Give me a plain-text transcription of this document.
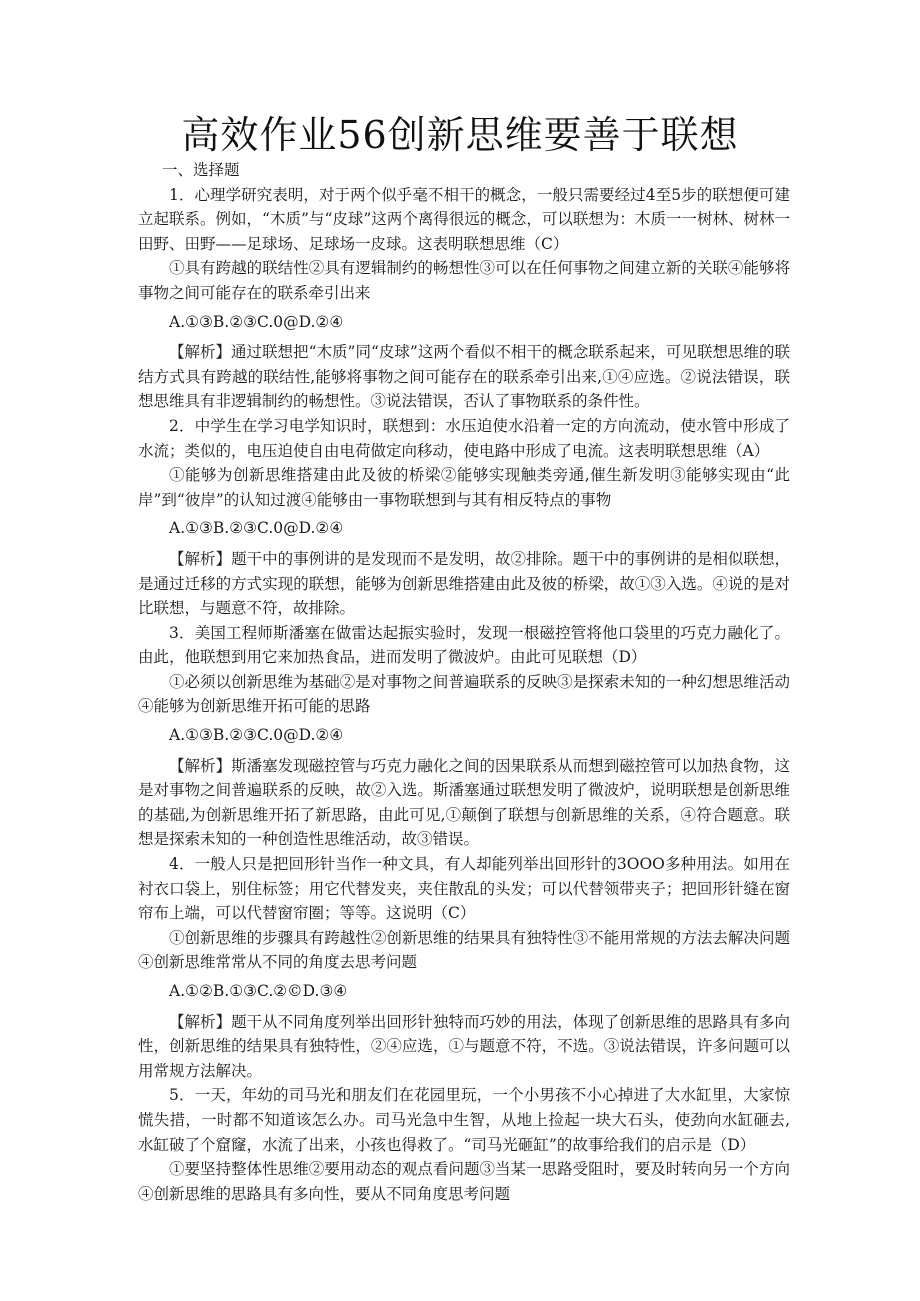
高效作业56创新思维要善于联想

一、选择题

1．心理学研究表明，对于两个似乎毫不相干的概念，一般只需要经过4至5步的联想便可建立起联系。例如，“木质”与“皮球”这两个离得很远的概念，可以联想为：木质一一树林、树林一田野、田野——足球场、足球场一皮球。这表明联想思维（C）

①具有跨越的联结性②具有逻辑制约的畅想性③可以在任何事物之间建立新的关联④能够将事物之间可能存在的联系牵引出来

A.①③B.②③C.0@D.②④

【解析】通过联想把“木质”同“皮球”这两个看似不相干的概念联系起来，可见联想思维的联结方式具有跨越的联结性,能够将事物之间可能存在的联系牵引出来,①④应选。②说法错误，联想思维具有非逻辑制约的畅想性。③说法错误，否认了事物联系的条件性。

2．中学生在学习电学知识时，联想到：水压迫使水沿着一定的方向流动，使水管中形成了水流；类似的，电压迫使自由电荷做定向移动，使电路中形成了电流。这表明联想思维（A）

①能够为创新思维搭建由此及彼的桥梁②能够实现触类旁通,催生新发明③能够实现由“此岸”到“彼岸”的认知过渡④能够由一事物联想到与其有相反特点的事物

A.①③B.②③C.0@D.②④

【解析】题干中的事例讲的是发现而不是发明，故②排除。题干中的事例讲的是相似联想，是通过迁移的方式实现的联想，能够为创新思维搭建由此及彼的桥梁，故①③入选。④说的是对比联想，与题意不符，故排除。

3．美国工程师斯潘塞在做雷达起振实验时，发现一根磁控管将他口袋里的巧克力融化了。由此，他联想到用它来加热食品，进而发明了微波炉。由此可见联想（D）

①必须以创新思维为基础②是对事物之间普遍联系的反映③是探索未知的一种幻想思维活动④能够为创新思维开拓可能的思路

A.①③B.②③C.0@D.②④

【解析】斯潘塞发现磁控管与巧克力融化之间的因果联系从而想到磁控管可以加热食物，这是对事物之间普遍联系的反映，故②入选。斯潘塞通过联想发明了微波炉，说明联想是创新思维的基础,为创新思维开拓了新思路，由此可见,①颠倒了联想与创新思维的关系，④符合题意。联想是探索未知的一种创造性思维活动，故③错误。

4．一般人只是把回形针当作一种文具，有人却能列举出回形针的3OOO多种用法。如用在衬衣口袋上，别住标签；用它代替发夹，夹住散乱的头发；可以代替领带夹子；把回形针缝在窗帘布上端，可以代替窗帘圈；等等。这说明（C）

①创新思维的步骤具有跨越性②创新思维的结果具有独特性③不能用常规的方法去解决问题④创新思维常常从不同的角度去思考问题

A.①②B.①③C.②©D.③④

【解析】题干从不同角度列举出回形针独特而巧妙的用法，体现了创新思维的思路具有多向性，创新思维的结果具有独特性，②④应选，①与题意不符，不选。③说法错误，许多问题可以用常规方法解决。

5．一天，年幼的司马光和朋友们在花园里玩，一个小男孩不小心掉进了大水缸里，大家惊慌失措，一时都不知道该怎么办。司马光急中生智，从地上捡起一块大石头，使劲向水缸砸去,水缸破了个窟窿，水流了出来，小孩也得救了。“司马光砸缸”的故事给我们的启示是（D）

①要坚持整体性思维②要用动态的观点看问题③当某一思路受阻时，要及时转向另一个方向④创新思维的思路具有多向性，要从不同角度思考问题
